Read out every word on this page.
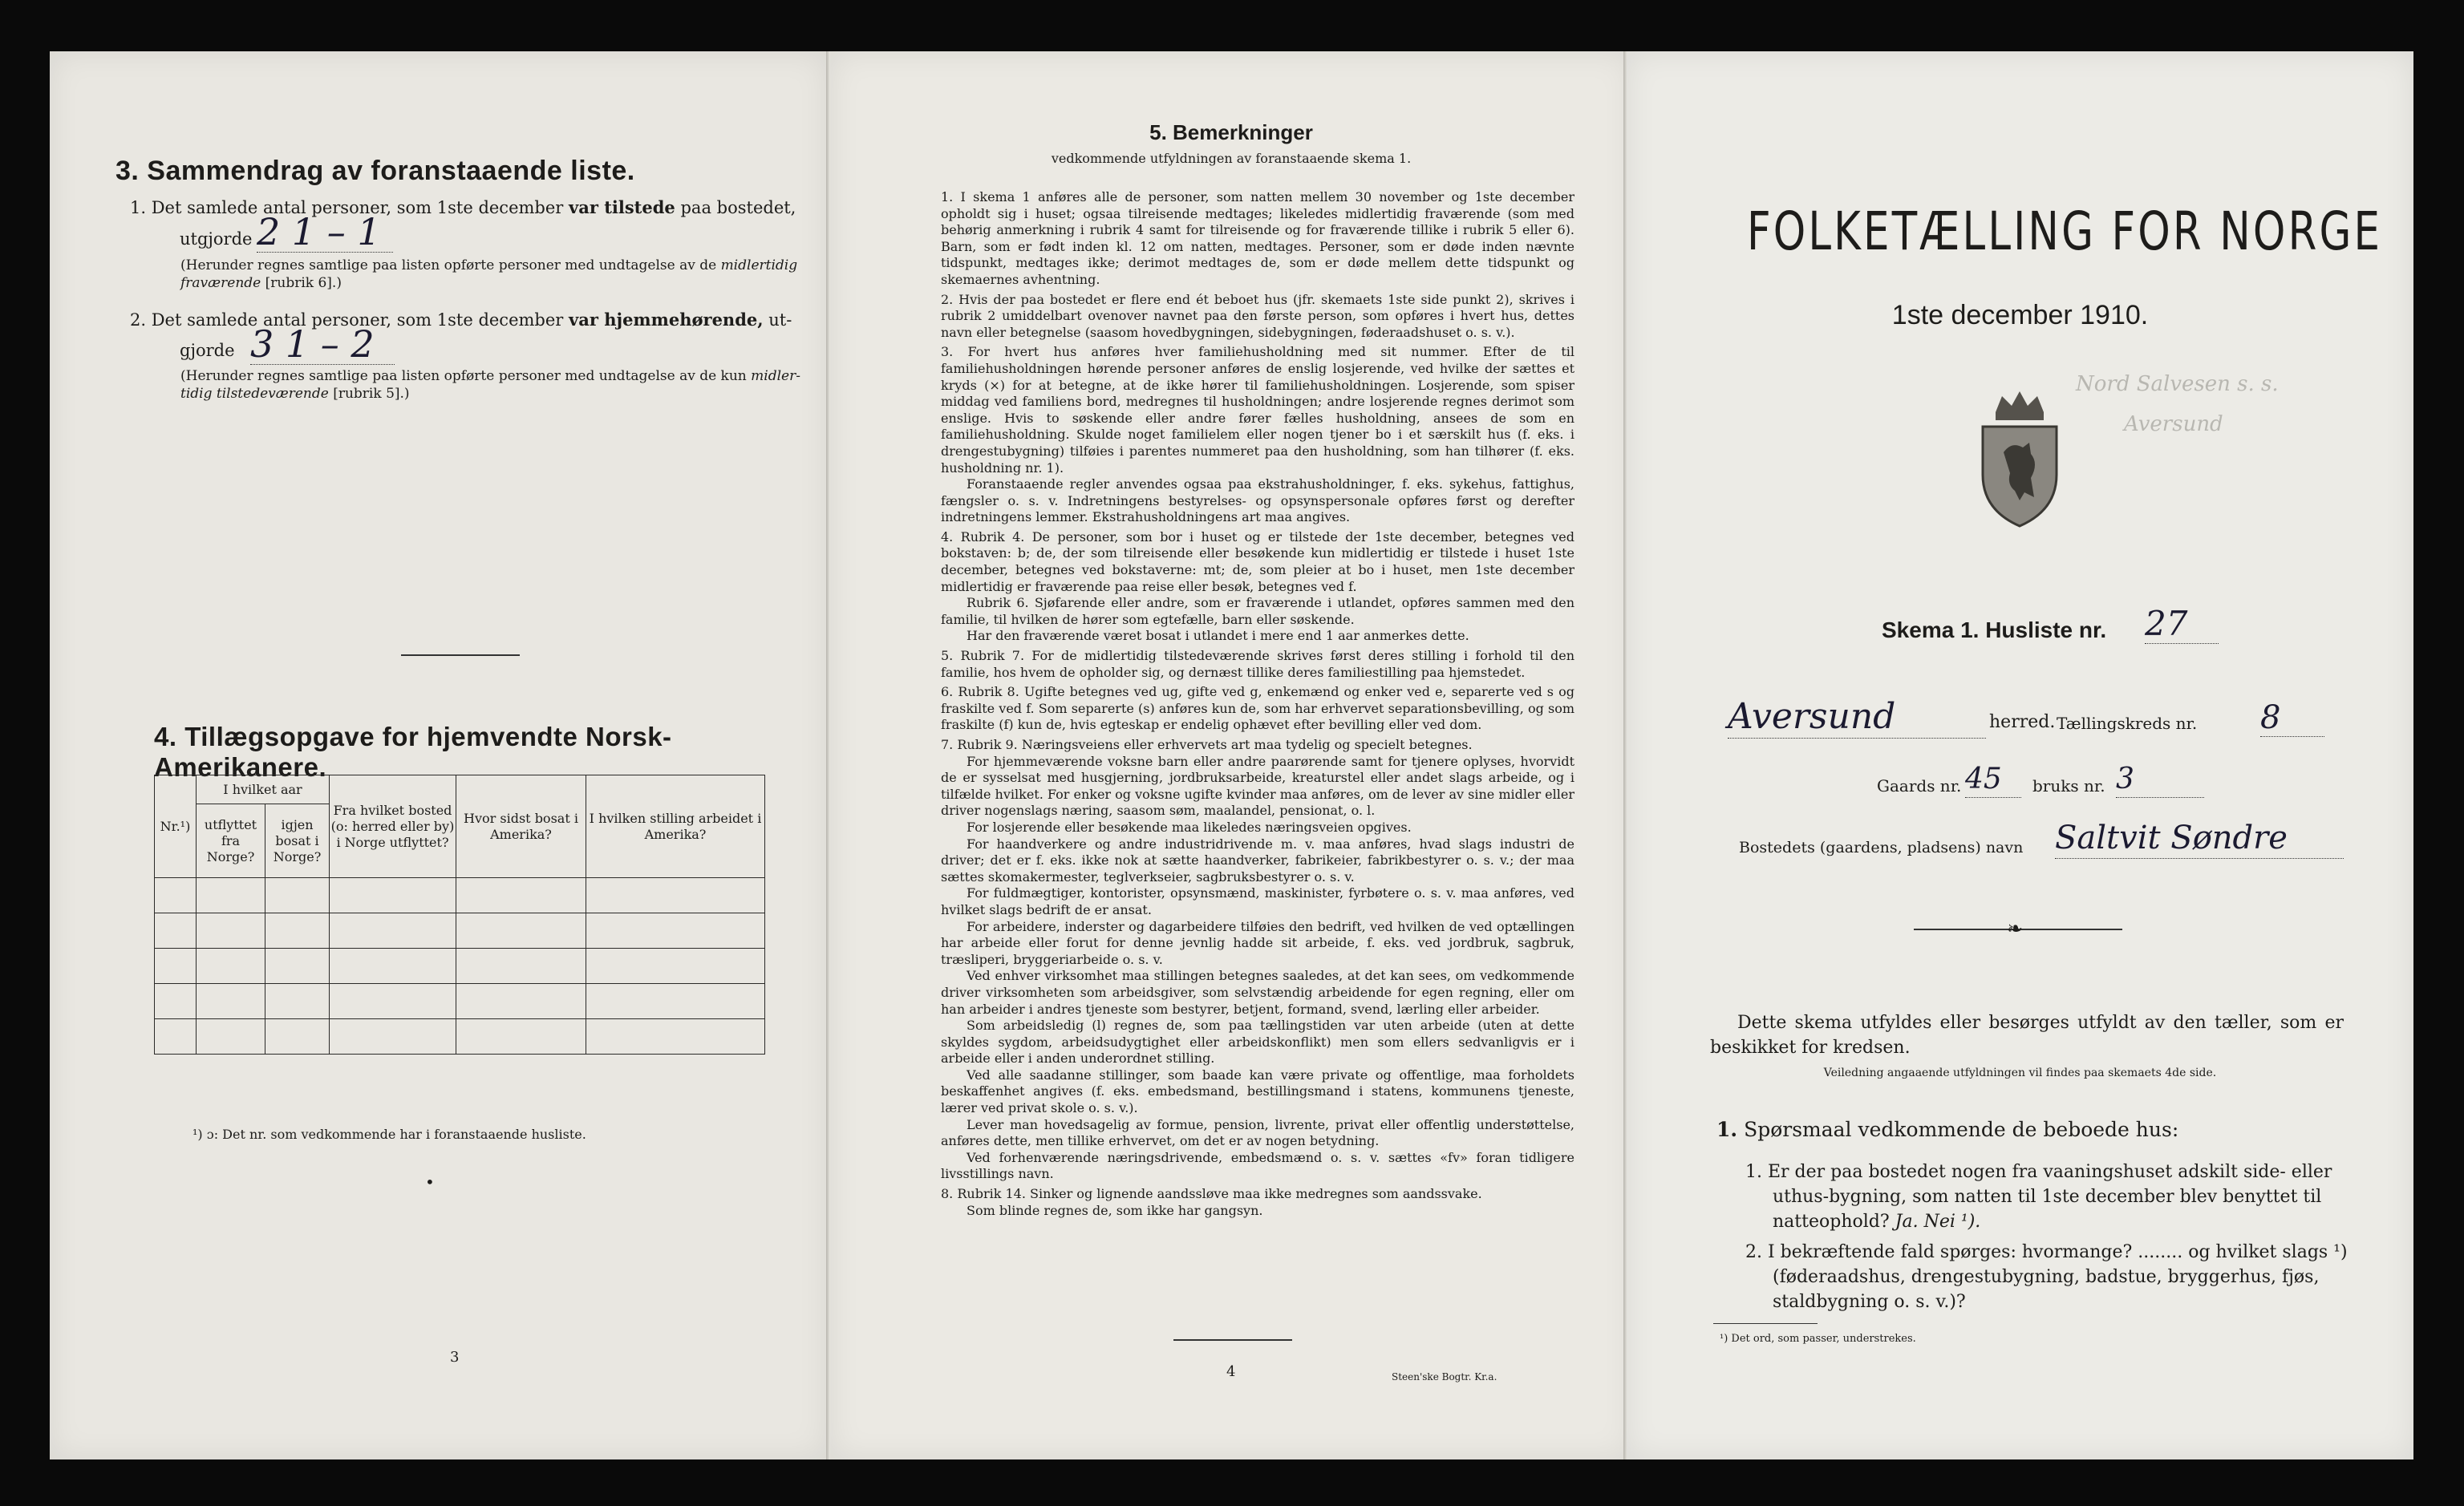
3. Sammendrag av foranstaaende liste.
1. Det samlede antal personer, som 1ste december var tilstede paa bostedet,
utgjorde 2 1 – 1
(Herunder regnes samtlige paa listen opførte personer med undtagelse av de midlertidig
fraværende [rubrik 6].)
2. Det samlede antal personer, som 1ste december var hjemmehørende, ut-
gjorde 3 1 – 2
(Herunder regnes samtlige paa listen opførte personer med undtagelse av de kun midler-
tidig tilstedeværende [rubrik 5].)
4. Tillægsopgave for hjemvendte Norsk-Amerikanere.
Nr.¹)	I hvilket aar		Fra hvilket bosted (o: herred eller by) i Norge utflyttet?	Hvor sidst bosat i Amerika?	I hvilken stilling arbeidet i Amerika?
	utflyttet fra Norge?	igjen bosat i Norge?			

¹) ɔ: Det nr. som vedkommende har i foranstaaende husliste.
•
3
5. Bemerkninger
vedkommende utfyldningen av foranstaaende skema 1.

1. I skema 1 anføres alle de personer, som natten mellem 30 november og 1ste december opholdt sig i huset; ogsaa tilreisende medtages; likeledes midlertidig fraværende (som med behørig anmerkning i rubrik 4 samt for tilreisende og for fraværende tillike i rubrik 5 eller 6). Barn, som er født inden kl. 12 om natten, medtages. Personer, som er døde inden nævnte tidspunkt, medtages ikke; derimot medtages de, som er døde mellem dette tidspunkt og skemaernes avhentning.

2. Hvis der paa bostedet er flere end ét beboet hus (jfr. skemaets 1ste side punkt 2), skrives i rubrik 2 umiddelbart ovenover navnet paa den første person, som opføres i hvert hus, dettes navn eller betegnelse (saasom hovedbygningen, sidebygningen, føderaadshuset o. s. v.).

3. For hvert hus anføres hver familiehusholdning med sit nummer. Efter de til familiehusholdningen hørende personer anføres de enslig losjerende, ved hvilke der sættes et kryds (×) for at betegne, at de ikke hører til familiehusholdningen. Losjerende, som spiser middag ved familiens bord, medregnes til husholdningen; andre losjerende regnes derimot som enslige. Hvis to søskende eller andre fører fælles husholdning, ansees de som en familiehusholdning. Skulde noget familielem eller nogen tjener bo i et særskilt hus (f. eks. i drengestubygning) tilføies i parentes nummeret paa den husholdning, som han tilhører (f. eks. husholdning nr. 1).

Foranstaaende regler anvendes ogsaa paa ekstrahusholdninger, f. eks. sykehus, fattighus, fængsler o. s. v. Indretningens bestyrelses- og opsynspersonale opføres først og derefter indretningens lemmer. Ekstrahusholdningens art maa angives.

4. Rubrik 4. De personer, som bor i huset og er tilstede der 1ste december, betegnes ved bokstaven: b; de, der som tilreisende eller besøkende kun midlertidig er tilstede i huset 1ste december, betegnes ved bokstaverne: mt; de, som pleier at bo i huset, men 1ste december midlertidig er fraværende paa reise eller besøk, betegnes ved f.

Rubrik 6. Sjøfarende eller andre, som er fraværende i utlandet, opføres sammen med den familie, til hvilken de hører som egtefælle, barn eller søskende.

Har den fraværende været bosat i utlandet i mere end 1 aar anmerkes dette.

5. Rubrik 7. For de midlertidig tilstedeværende skrives først deres stilling i forhold til den familie, hos hvem de opholder sig, og dernæst tillike deres familiestilling paa hjemstedet.

6. Rubrik 8. Ugifte betegnes ved ug, gifte ved g, enkemænd og enker ved e, separerte ved s og fraskilte ved f. Som separerte (s) anføres kun de, som har erhvervet separationsbevilling, og som fraskilte (f) kun de, hvis egteskap er endelig ophævet efter bevilling eller ved dom.

7. Rubrik 9. Næringsveiens eller erhvervets art maa tydelig og specielt betegnes.

For hjemmeværende voksne barn eller andre paarørende samt for tjenere oplyses, hvorvidt de er sysselsat med husgjerning, jordbruksarbeide, kreaturstel eller andet slags arbeide, og i tilfælde hvilket. For enker og voksne ugifte kvinder maa anføres, om de lever av sine midler eller driver nogenslags næring, saasom søm, maalandel, pensionat, o. l.

For losjerende eller besøkende maa likeledes næringsveien opgives.

For haandverkere og andre industridrivende m. v. maa anføres, hvad slags industri de driver; det er f. eks. ikke nok at sætte haandverker, fabrikeier, fabrikbestyrer o. s. v.; der maa sættes skomakermester, teglverkseier, sagbruksbestyrer o. s. v.

For fuldmægtiger, kontorister, opsynsmænd, maskinister, fyrbøtere o. s. v. maa anføres, ved hvilket slags bedrift de er ansat.

For arbeidere, inderster og dagarbeidere tilføies den bedrift, ved hvilken de ved optællingen har arbeide eller forut for denne jevnlig hadde sit arbeide, f. eks. ved jordbruk, sagbruk, træsliperi, bryggeriarbeide o. s. v.

Ved enhver virksomhet maa stillingen betegnes saaledes, at det kan sees, om vedkommende driver virksomheten som arbeidsgiver, som selvstændig arbeidende for egen regning, eller om han arbeider i andres tjeneste som bestyrer, betjent, formand, svend, lærling eller arbeider.

Som arbeidsledig (l) regnes de, som paa tællingstiden var uten arbeide (uten at dette skyldes sygdom, arbeidsudygtighet eller arbeidskonflikt) men som ellers sedvanligvis er i arbeide eller i anden underordnet stilling.

Ved alle saadanne stillinger, som baade kan være private og offentlige, maa forholdets beskaffenhet angives (f. eks. embedsmand, bestillingsmand i statens, kommunens tjeneste, lærer ved privat skole o. s. v.).

Lever man hovedsagelig av formue, pension, livrente, privat eller offentlig understøttelse, anføres dette, men tillike erhvervet, om det er av nogen betydning.

Ved forhenværende næringsdrivende, embedsmænd o. s. v. sættes «fv» foran tidligere livsstillings navn.

8. Rubrik 14. Sinker og lignende aandssløve maa ikke medregnes som aandssvake.

Som blinde regnes de, som ikke har gangsyn.

4	Steen'ske Bogtr. Kr.a.
FOLKETÆLLING FOR NORGE
1ste december 1910.
Nord Salvesen s. s.
Aversund
Skema 1. Husliste nr. 27
Aversund	herred. Tællingskreds nr. 8
Gaards nr. 45	bruks nr. 3
Bostedets (gaardens, pladsens) navn Saltvit Søndre
❧
Dette skema utfyldes eller besørges utfyldt av den tæller, som er beskikket for kredsen.
Veiledning angaaende utfyldningen vil findes paa skemaets 4de side.
1. Spørsmaal vedkommende de beboede hus:
1. Er der paa bostedet nogen fra vaaningshuset adskilt side- eller uthus-bygning, som natten til 1ste december blev benyttet til natteophold? Ja. Nei ¹).
2. I bekræftende fald spørges: hvormange? ........ og hvilket slags ¹) (føderaadshus, drengestubygning, badstue, bryggerhus, fjøs, staldbygning o. s. v.)?
¹) Det ord, som passer, understrekes.
